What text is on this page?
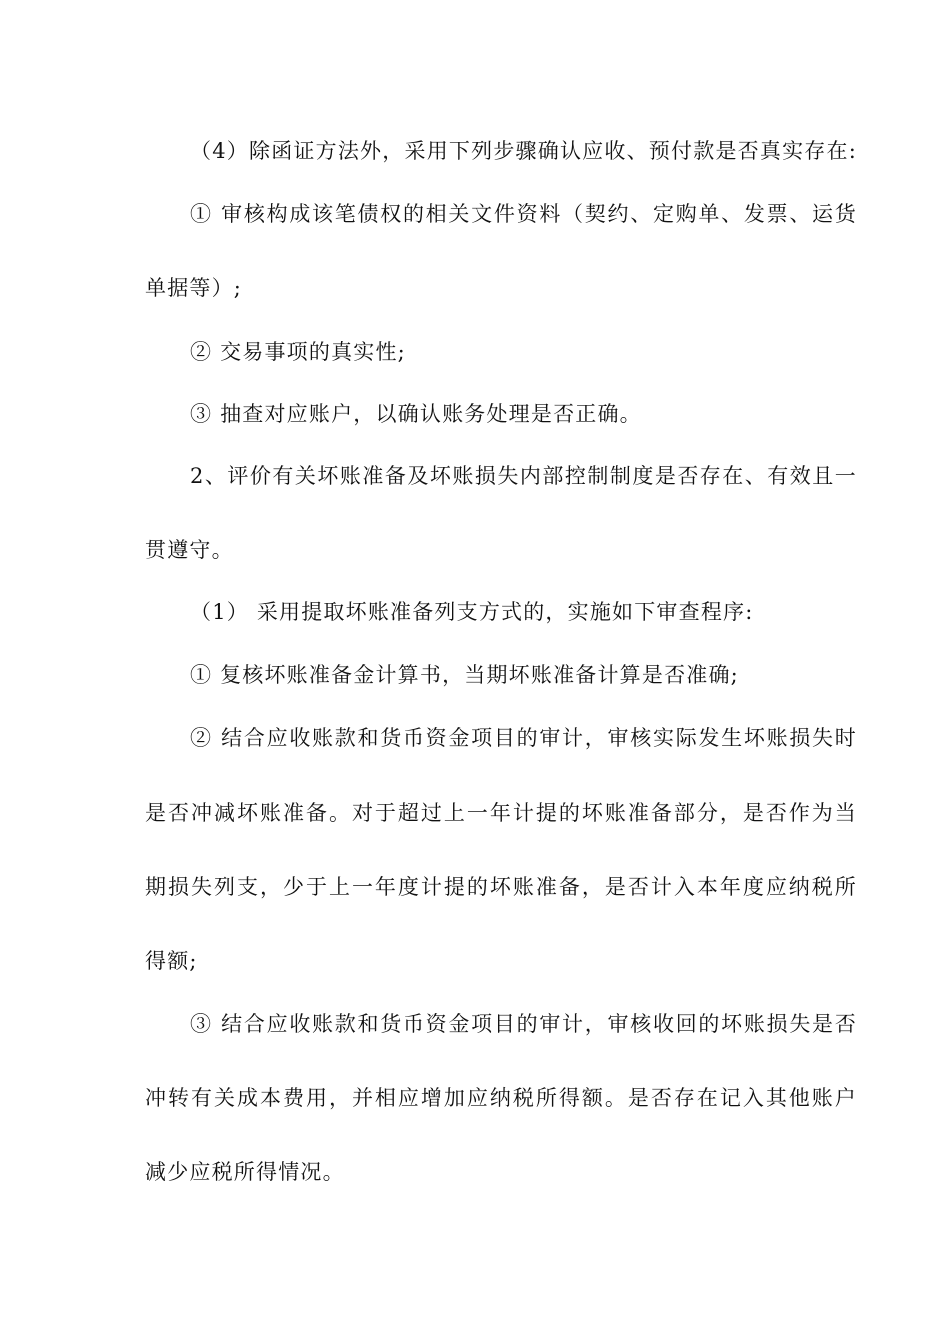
（4）除函证方法外，采用下列步骤确认应收、预付款是否真实存在:
① 审核构成该笔债权的相关文件资料（契约、定购单、发票、运货
单据等）;
② 交易事项的真实性;
③ 抽查对应账户，以确认账务处理是否正确。
2、评价有关坏账准备及坏账损失内部控制制度是否存在、有效且一
贯遵守。
（1） 采用提取坏账准备列支方式的，实施如下审查程序:
① 复核坏账准备金计算书，当期坏账准备计算是否准确;
② 结合应收账款和货币资金项目的审计，审核实际发生坏账损失时
是否冲减坏账准备。对于超过上一年计提的坏账准备部分，是否作为当
期损失列支，少于上一年度计提的坏账准备，是否计入本年度应纳税所
得额;
③ 结合应收账款和货币资金项目的审计，审核收回的坏账损失是否
冲转有关成本费用，并相应增加应纳税所得额。是否存在记入其他账户
减少应税所得情况。
